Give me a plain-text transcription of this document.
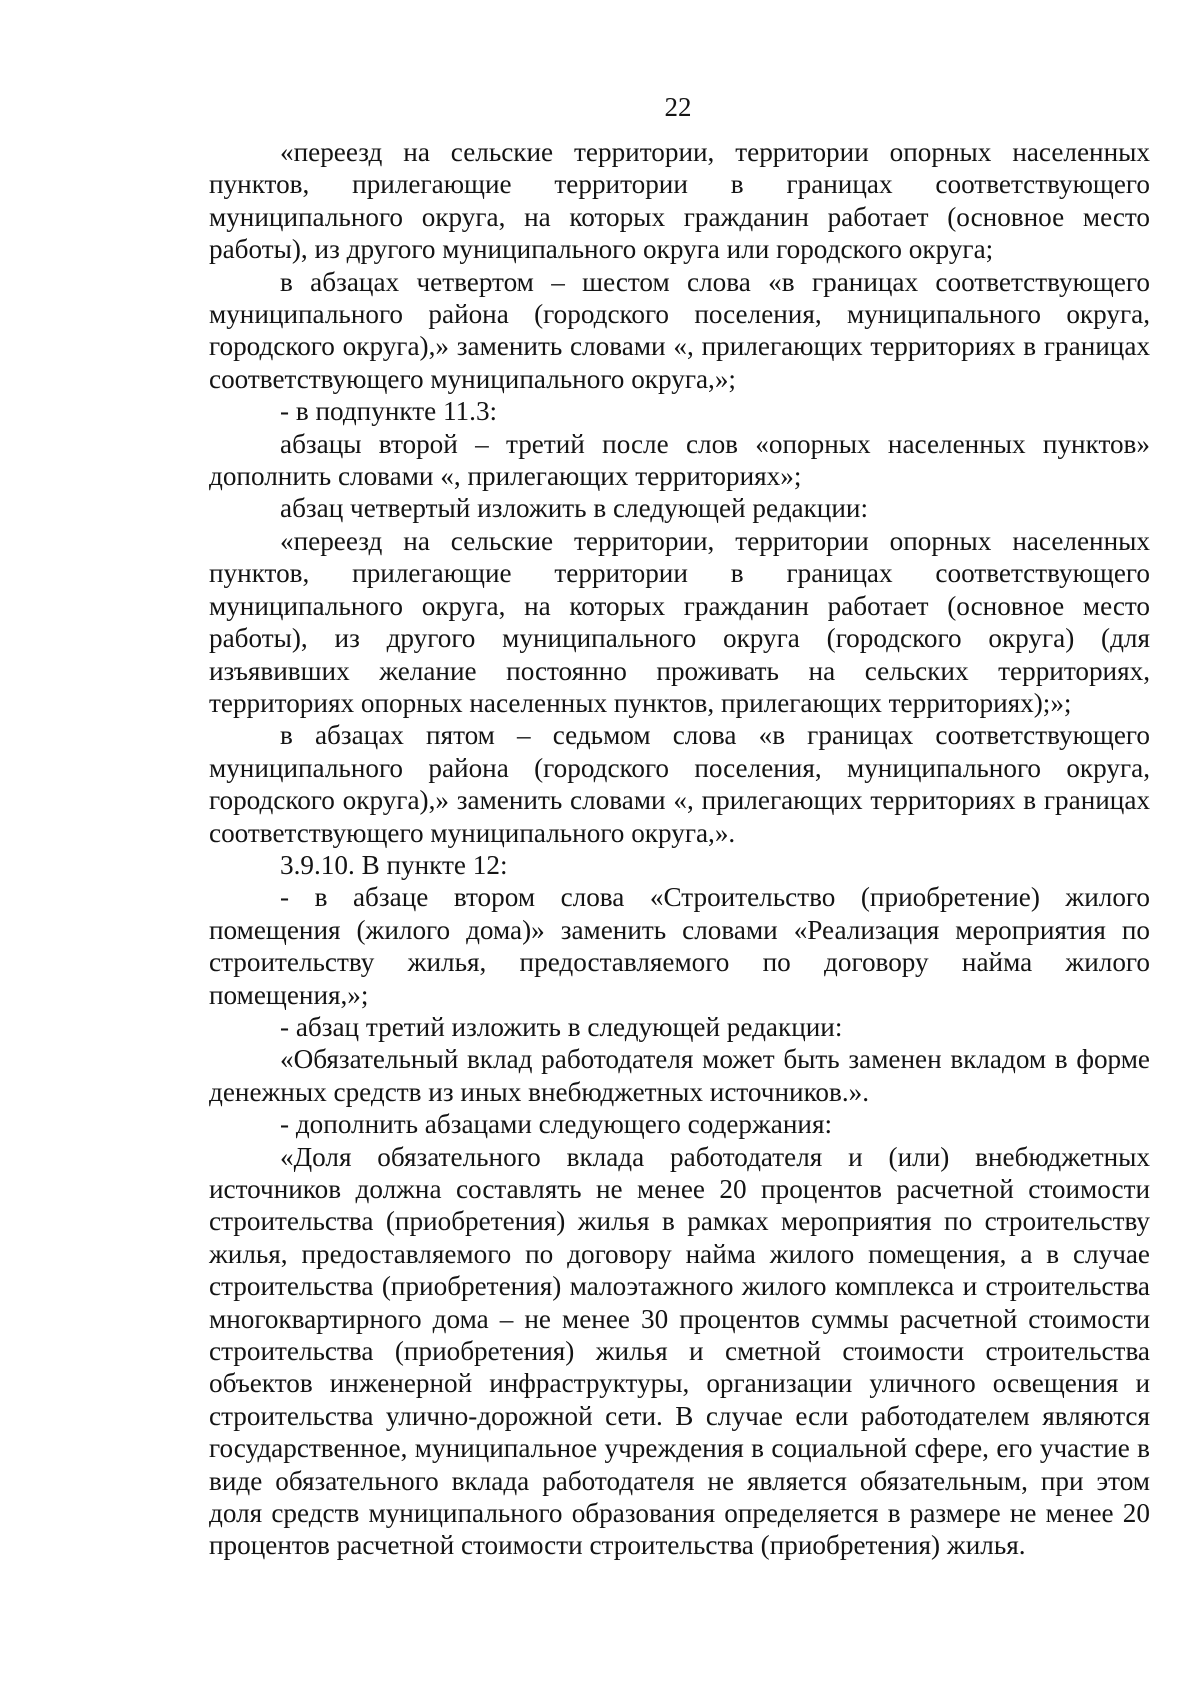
22

«переезд на сельские территории, территории опорных населенных пунктов, прилегающие территории в границах соответствующего муниципального округа, на которых гражданин работает (основное место работы), из другого муниципального округа или городского округа;

в абзацах четвертом – шестом слова «в границах соответствующего муниципального района (городского поселения, муниципального округа, городского округа),» заменить словами «, прилегающих территориях в границах соответствующего муниципального округа,»;

- в подпункте 11.3:

абзацы второй – третий после слов «опорных населенных пунктов» дополнить словами «, прилегающих территориях»;

абзац четвертый изложить в следующей редакции:

«переезд на сельские территории, территории опорных населенных пунктов, прилегающие территории в границах соответствующего муниципального округа, на которых гражданин работает (основное место работы), из другого муниципального округа (городского округа) (для изъявивших желание постоянно проживать на сельских территориях, территориях опорных населенных пунктов, прилегающих территориях);»;

в абзацах пятом – седьмом слова «в границах соответствующего муниципального района (городского поселения, муниципального округа, городского округа),» заменить словами «, прилегающих территориях в границах соответствующего муниципального округа,».

3.9.10. В пункте 12:

- в абзаце втором слова «Строительство (приобретение) жилого помещения (жилого дома)» заменить словами «Реализация мероприятия по строительству жилья, предоставляемого по договору найма жилого помещения,»;

- абзац третий изложить в следующей редакции:

«Обязательный вклад работодателя может быть заменен вкладом в форме денежных средств из иных внебюджетных источников.».

- дополнить абзацами следующего содержания:

«Доля обязательного вклада работодателя и (или) внебюджетных источников должна составлять не менее 20 процентов расчетной стоимости строительства (приобретения) жилья в рамках мероприятия по строительству жилья, предоставляемого по договору найма жилого помещения, а в случае строительства (приобретения) малоэтажного жилого комплекса и строительства многоквартирного дома – не менее 30 процентов суммы расчетной стоимости строительства (приобретения) жилья и сметной стоимости строительства объектов инженерной инфраструктуры, организации уличного освещения и строительства улично-дорожной сети. В случае если работодателем являются государственное, муниципальное учреждения в социальной сфере, его участие в виде обязательного вклада работодателя не является обязательным, при этом доля средств муниципального образования определяется в размере не менее 20 процентов расчетной стоимости строительства (приобретения) жилья.
